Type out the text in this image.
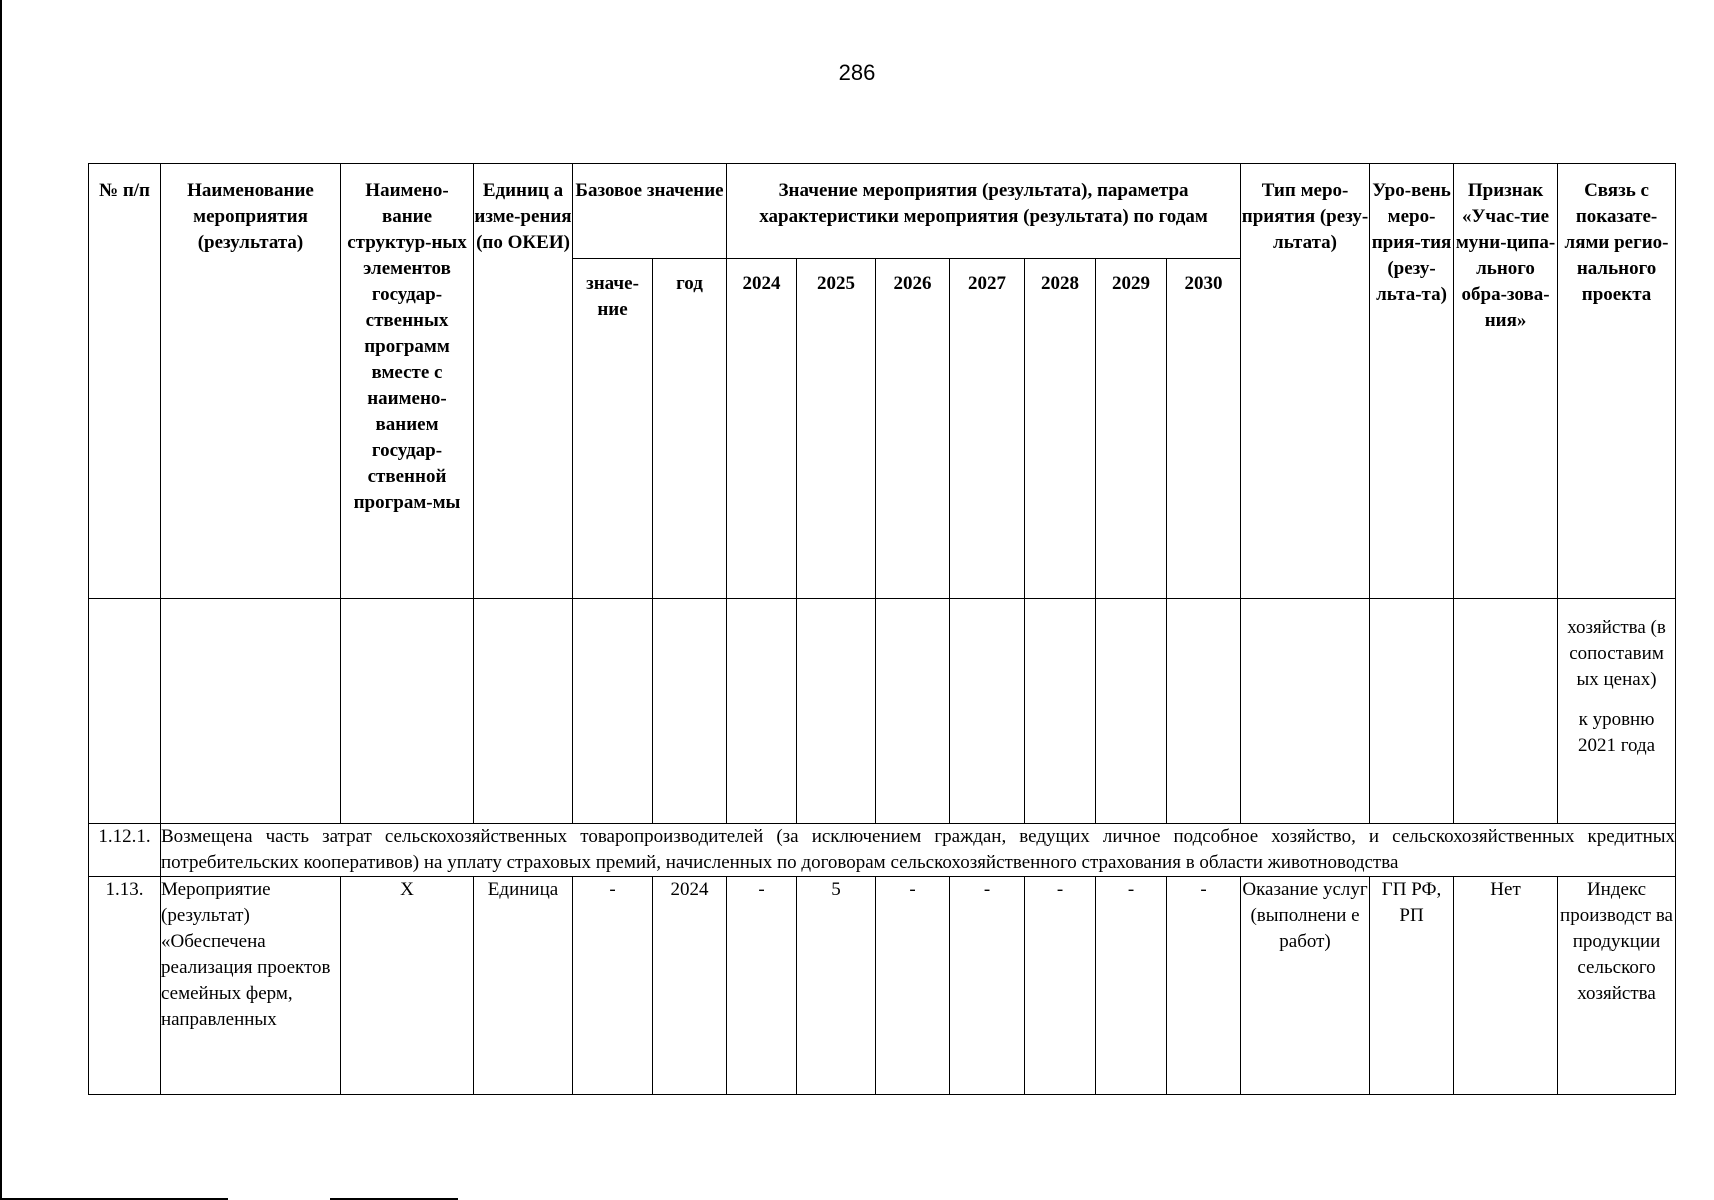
286
№ п/п	Наименование мероприятия (результата)	Наимено-вание структур-ных элементов государ-ственных программ вместе с наимено-ванием государ-ственной програм-мы	Единиц а изме-рения (по ОКЕИ)	Базовое значение		Значение мероприятия (результата), параметра характеристики мероприятия (результата) по годам							Тип меро-приятия (резу-льтата)	Уро-вень меро-прия-тия (резу-льта-та)	Признак «Учас-тие муни-ципа-льного обра-зова-ния»	Связь с показате-лями регио-нального проекта
				значе-ние	год	2024	2025	2026	2027	2028	2029	2030				

																хозяйства (в сопоставим ых ценах)
к уровню 2021 года

1.12.1.	Возмещена часть затрат сельскохозяйственных товаропроизводителей (за исключением граждан, ведущих личное подсобное хозяйство, и сельскохозяйственных кредитных потребительских кооперативов) на уплату страховых премий, начисленных по договорам сельскохозяйственного страхования в области животноводства															
1.13.	Мероприятие (результат) «Обеспечена реализация проектов семейных ферм, направленных	X	Единица	-	2024	-	5	-	-	-	-	-	Оказание услуг (выполнени е работ)	ГП РФ, РП	Нет	Индекс производст ва продукции сельского хозяйства
